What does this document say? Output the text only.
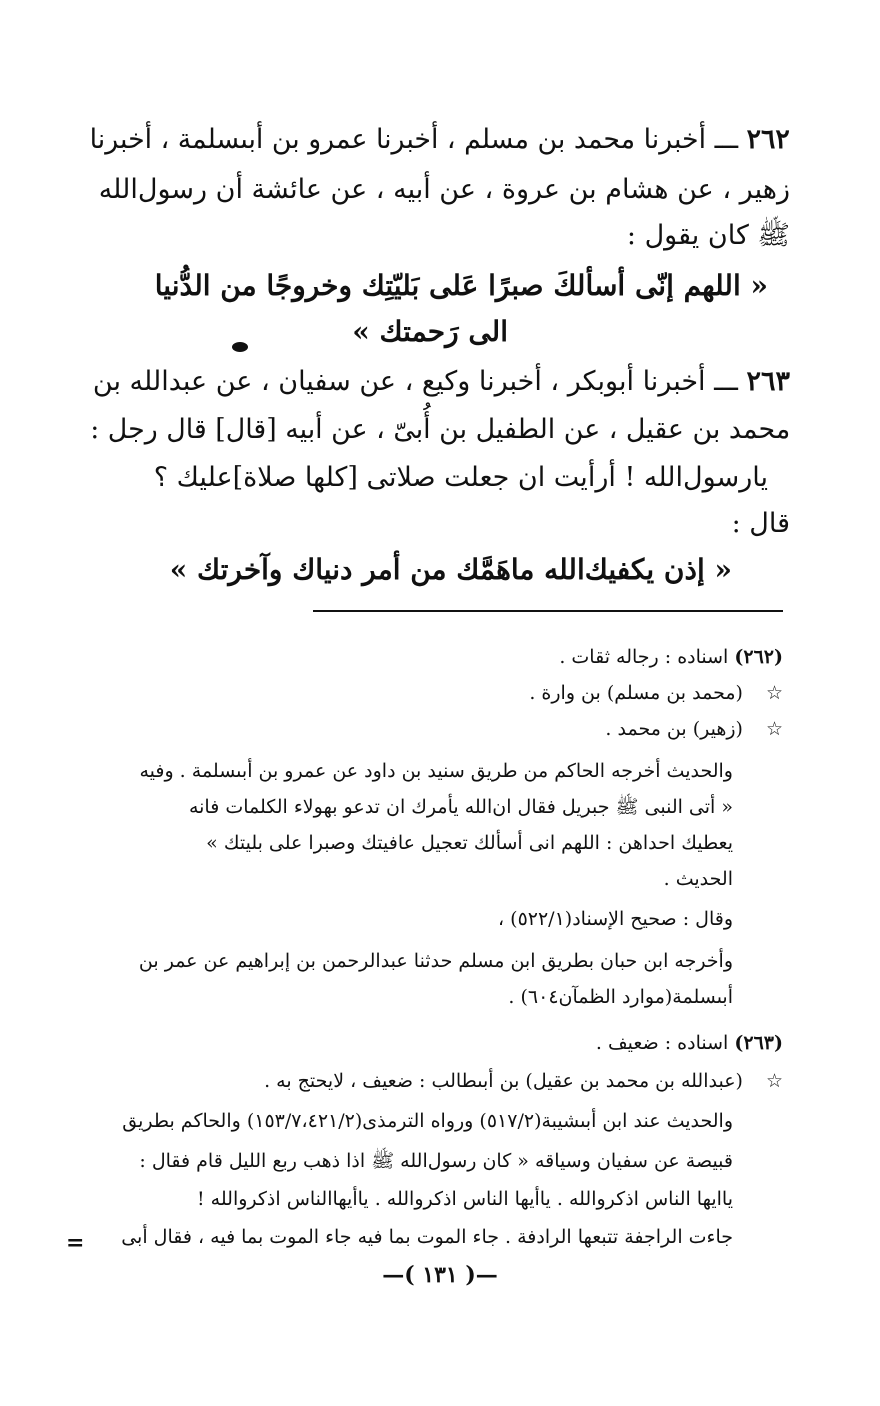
٢٦٢ ـــ أخبرنا محمد بن مسلم ، أخبرنا عمرو بن أبىسلمة ، أخبرنا
زهير ، عن هشام بن عروة ، عن أبيه ، عن عائشة أن رسول‌الله
ﷺ كان يقول :
« اللهم إنّى أسألكَ صبرًا عَلى بَليّتِك وخروجًا من الدُّنيا
الى رَحمتك »
٢٦٣ ـــ أخبرنا أبوبكر ، أخبرنا وكيع ، عن سفيان ، عن عبدالله بن
محمد بن عقيل ، عن الطفيل بن أُبىّ ، عن أبيه [قال] قال رجل :
يارسول‌الله ! أرأيت ان جعلت صلاتى [كلها صلاة]عليك ؟
قال :
« إذن يكفيك‌الله ماهَمَّك من أمر دنياك وآخرتك »
(٢٦٢) اسناده : رجاله ثقات .
☆ (محمد بن مسلم) بن وارة .
☆ (زهير) بن محمد .
والحديث أخرجه الحاكم من طريق سنيد بن داود عن عمرو بن أبىسلمة . وفيه
« أتى النبى ﷺ جبريل فقال ان‌الله يأمرك ان تدعو بهولاء الكلمات فانه
يعطيك احداهن : اللهم انى أسألك تعجيل عافيتك وصبرا على بليتك »
الحديث .
وقال : صحيح الإسناد(٥٢٢/١) ،
وأخرجه ابن حبان بطريق ابن مسلم حدثنا عبدالرحمن بن إبراهيم عن عمر بن
أبىسلمة(موارد الظمآن٦٠٤) .
(٢٦٣) اسناده : ضعيف .
☆ (عبدالله بن محمد بن عقيل) بن أبىطالب : ضعيف ، لايحتج به .
والحديث عند ابن أبىشيبة(٥١٧/٢) ورواه الترمذى(١٥٣/٧،٤٢١/٢) والحاكم بطريق
قبيصة عن سفيان وسياقه « كان رسول‌الله ﷺ اذا ذهب ربع الليل قام فقال :
ياايها الناس اذكروالله . ياأيها الناس اذكروالله . ياأيهاالناس اذكروالله !
جاءت الراجفة تتبعها الرادفة . جاء الموت بما فيه جاء الموت بما فيه ، فقال أبى
=
—( ١٣١ )—
